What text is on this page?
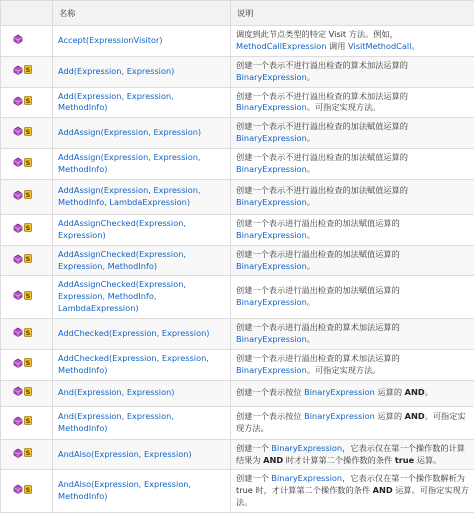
	名称	说明

	Accept(ExpressionVisitor)	调度到此节点类型的特定 Visit 方法。例如，MethodCallExpression 调用 VisitMethodCall。

S	Add(Expression, Expression)	创建一个表示不进行溢出检查的算术加法运算的 BinaryExpression。

S	Add(Expression, Expression, MethodInfo)	创建一个表示不进行溢出检查的算术加法运算的 BinaryExpression。可指定实现方法。

S	AddAssign(Expression, Expression)	创建一个表示不进行溢出检查的加法赋值运算的 BinaryExpression。

S	AddAssign(Expression, Expression, MethodInfo)	创建一个表示不进行溢出检查的加法赋值运算的 BinaryExpression。

S	AddAssign(Expression, Expression, MethodInfo, LambdaExpression)	创建一个表示不进行溢出检查的加法赋值运算的 BinaryExpression。

S	AddAssignChecked(Expression, Expression)	创建一个表示进行溢出检查的加法赋值运算的 BinaryExpression。

S	AddAssignChecked(Expression, Expression, MethodInfo)	创建一个表示进行溢出检查的加法赋值运算的 BinaryExpression。

S	AddAssignChecked(Expression, Expression, MethodInfo, LambdaExpression)	创建一个表示进行溢出检查的加法赋值运算的 BinaryExpression。

S	AddChecked(Expression, Expression)	创建一个表示进行溢出检查的算术加法运算的 BinaryExpression。

S	AddChecked(Expression, Expression, MethodInfo)	创建一个表示进行溢出检查的算术加法运算的 BinaryExpression。可指定实现方法。

S	And(Expression, Expression)	创建一个表示按位 BinaryExpression 运算的 AND。

S	And(Expression, Expression, MethodInfo)	创建一个表示按位 BinaryExpression 运算的 AND。可指定实现方法。

S	AndAlso(Expression, Expression)	创建一个 BinaryExpression，它表示仅在第一个操作数的计算结果为 AND 时才计算第二个操作数的条件 true 运算。

S	AndAlso(Expression, Expression, MethodInfo)	创建一个 BinaryExpression，它表示仅在第一个操作数解析为 true 时，才计算第二个操作数的条件 AND 运算。可指定实现方法。
